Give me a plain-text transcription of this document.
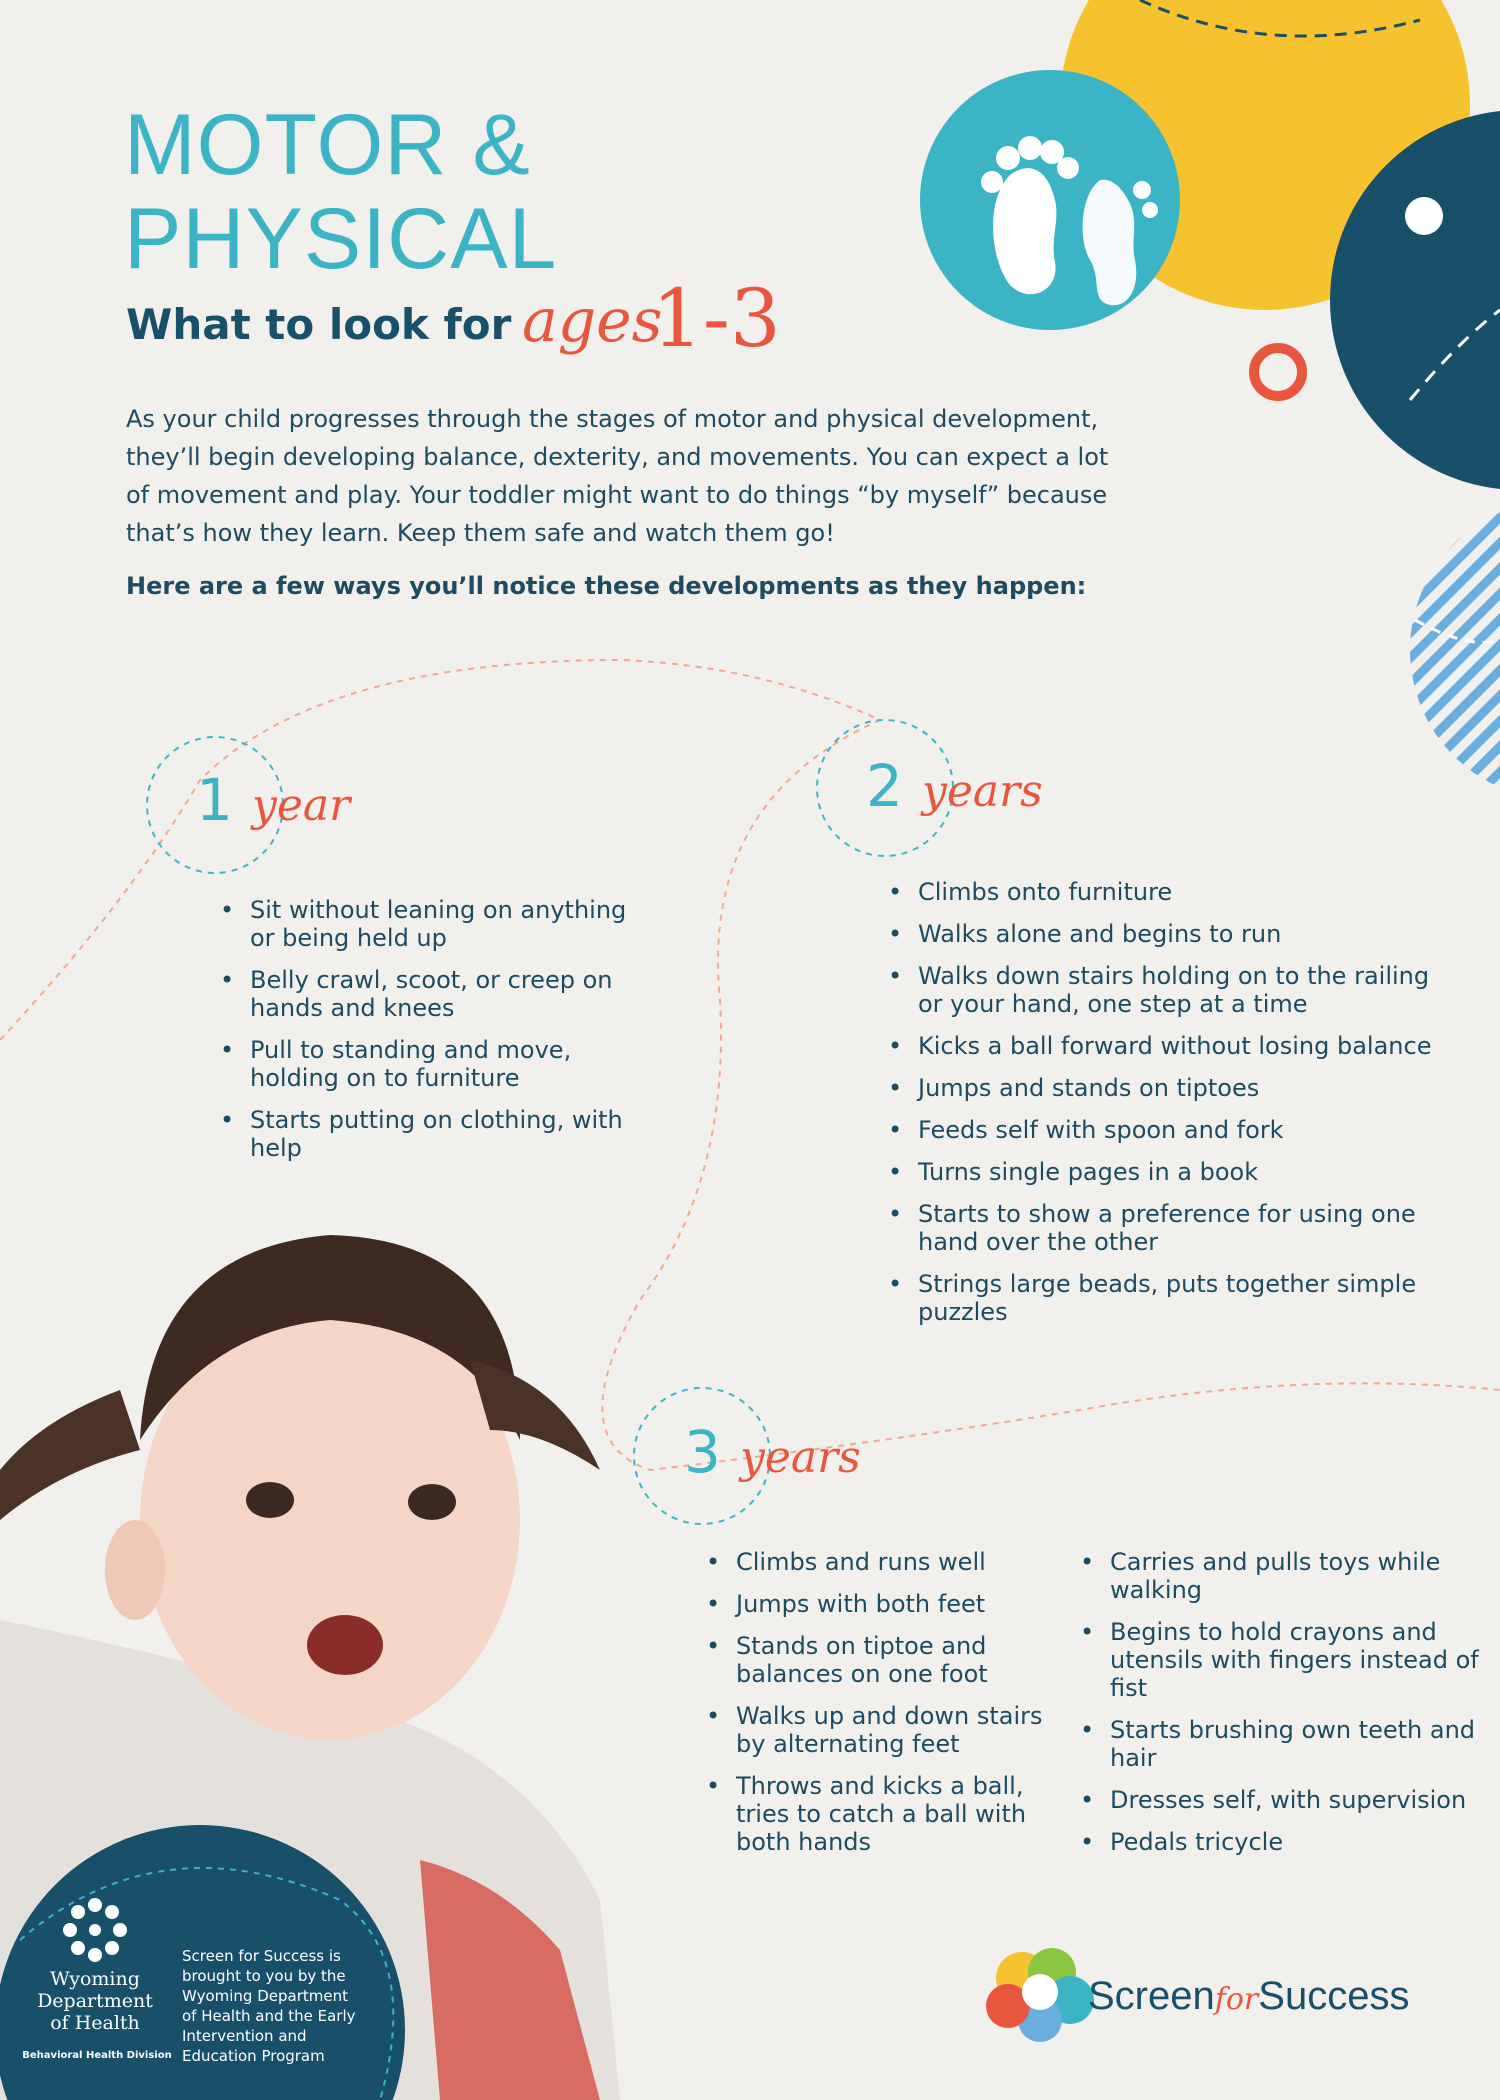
MOTOR &
PHYSICAL
What to look for ages
1-3

As your child progresses through the stages of motor and physical development, they’ll begin developing balance, dexterity, and movements. You can expect a lot of movement and play. Your toddler might want to do things “by myself” because that’s how they learn. Keep them safe and watch them go!

Here are a few ways you’ll notice these developments as they happen:

1 year
• Sit without leaning on anything or being held up
• Belly crawl, scoot, or creep on hands and knees
• Pull to standing and move, holding on to furniture
• Starts putting on clothing, with help
2 years
• Climbs onto furniture
• Walks alone and begins to run
• Walks down stairs holding on to the railing or your hand, one step at a time
• Kicks a ball forward without losing balance
• Jumps and stands on tiptoes
• Feeds self with spoon and fork
• Turns single pages in a book
• Starts to show a preference for using one hand over the other
• Strings large beads, puts together simple puzzles
3 years
• Climbs and runs well
• Jumps with both feet
• Stands on tiptoe and balances on one foot
• Walks up and down stairs by alternating feet
• Throws and kicks a ball, tries to catch a ball with both hands
• Carries and pulls toys while walking
• Begins to hold crayons and utensils with fingers instead of fist
• Starts brushing own teeth and hair
• Dresses self, with supervision
• Pedals tricycle
Wyoming Department of Health
Behavioral Health Division

Screen for Success is brought to you by the Wyoming Department of Health and the Early Intervention and Education Program

ScreenforSuccess
